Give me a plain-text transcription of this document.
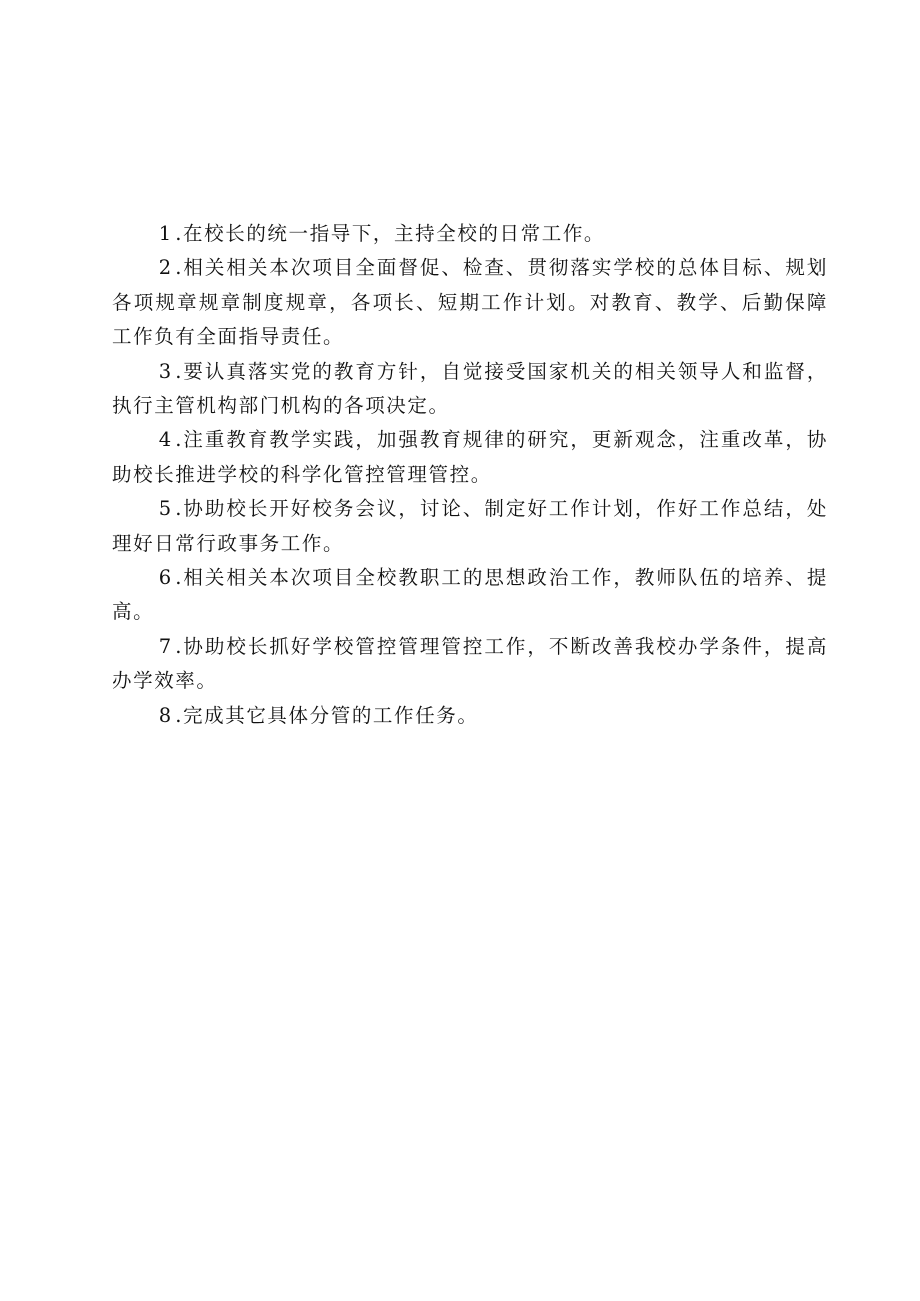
1.在校长的统一指导下，主持全校的日常工作。

2.相关相关本次项目全面督促、检查、贯彻落实学校的总体目标、规划各项规章规章制度规章，各项长、短期工作计划。对教育、教学、后勤保障工作负有全面指导责任。

3.要认真落实党的教育方针，自觉接受国家机关的相关领导人和监督，执行主管机构部门机构的各项决定。

4.注重教育教学实践，加强教育规律的研究，更新观念，注重改革，协助校长推进学校的科学化管控管理管控。

5.协助校长开好校务会议，讨论、制定好工作计划，作好工作总结，处理好日常行政事务工作。

6.相关相关本次项目全校教职工的思想政治工作，教师队伍的培养、提高。

7.协助校长抓好学校管控管理管控工作，不断改善我校办学条件，提高办学效率。

8.完成其它具体分管的工作任务。
